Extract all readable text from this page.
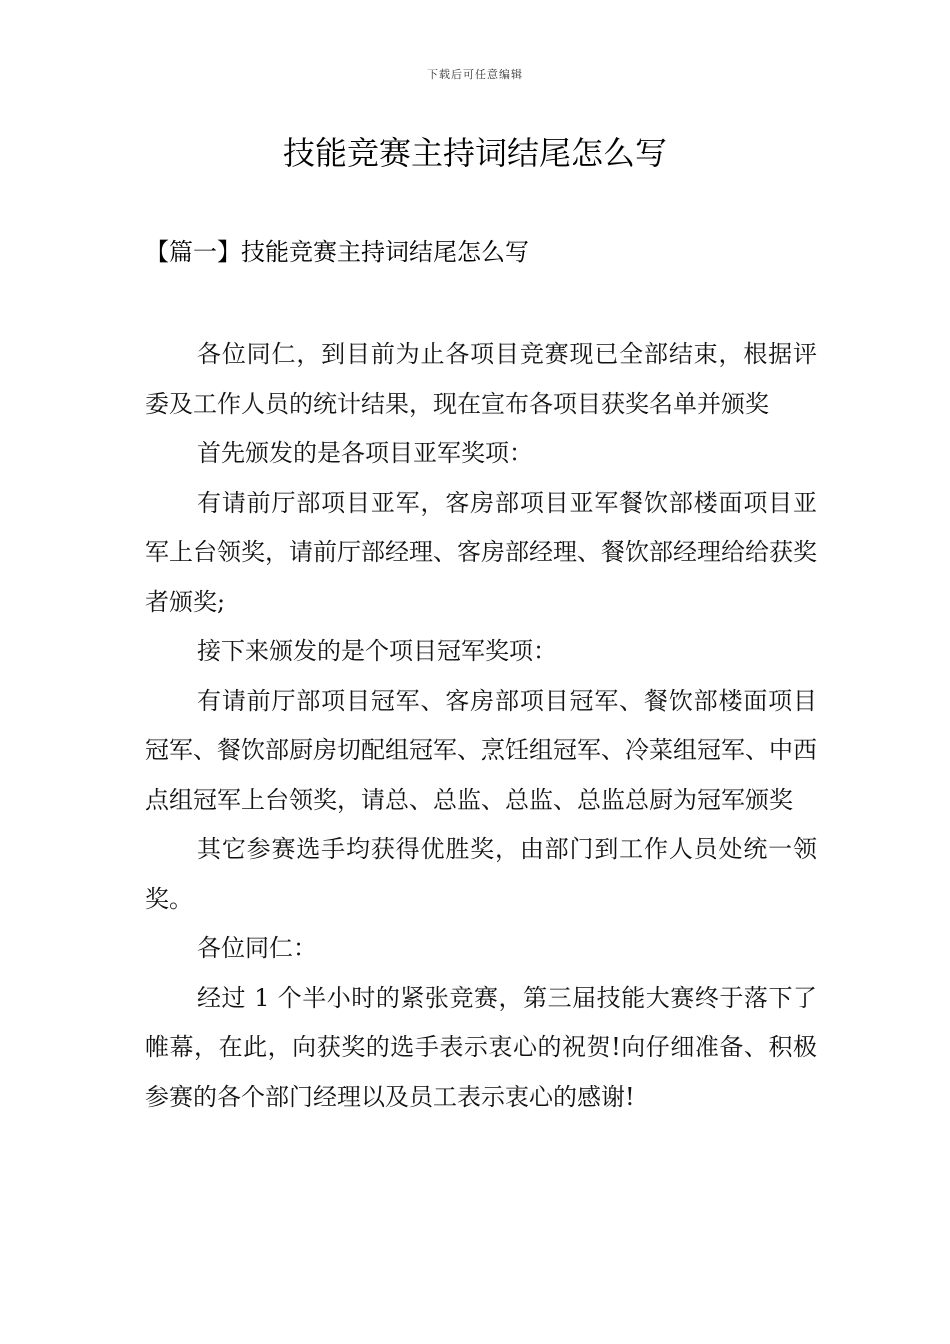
下载后可任意编辑
技能竞赛主持词结尾怎么写
【篇一】技能竞赛主持词结尾怎么写

各位同仁，到目前为止各项目竞赛现已全部结束，根据评委及工作人员的统计结果，现在宣布各项目获奖名单并颁奖

首先颁发的是各项目亚军奖项：

有请前厅部项目亚军，客房部项目亚军餐饮部楼面项目亚军上台领奖，请前厅部经理、客房部经理、餐饮部经理给给获奖者颁奖;

接下来颁发的是个项目冠军奖项：

有请前厅部项目冠军、客房部项目冠军、餐饮部楼面项目冠军、餐饮部厨房切配组冠军、烹饪组冠军、冷菜组冠军、中西点组冠军上台领奖，请总、总监、总监、总监总厨为冠军颁奖

其它参赛选手均获得优胜奖，由部门到工作人员处统一领奖。

各位同仁：

经过 1 个半小时的紧张竞赛，第三届技能大赛终于落下了帷幕，在此，向获奖的选手表示衷心的祝贺!向仔细准备、积极参赛的各个部门经理以及员工表示衷心的感谢!
